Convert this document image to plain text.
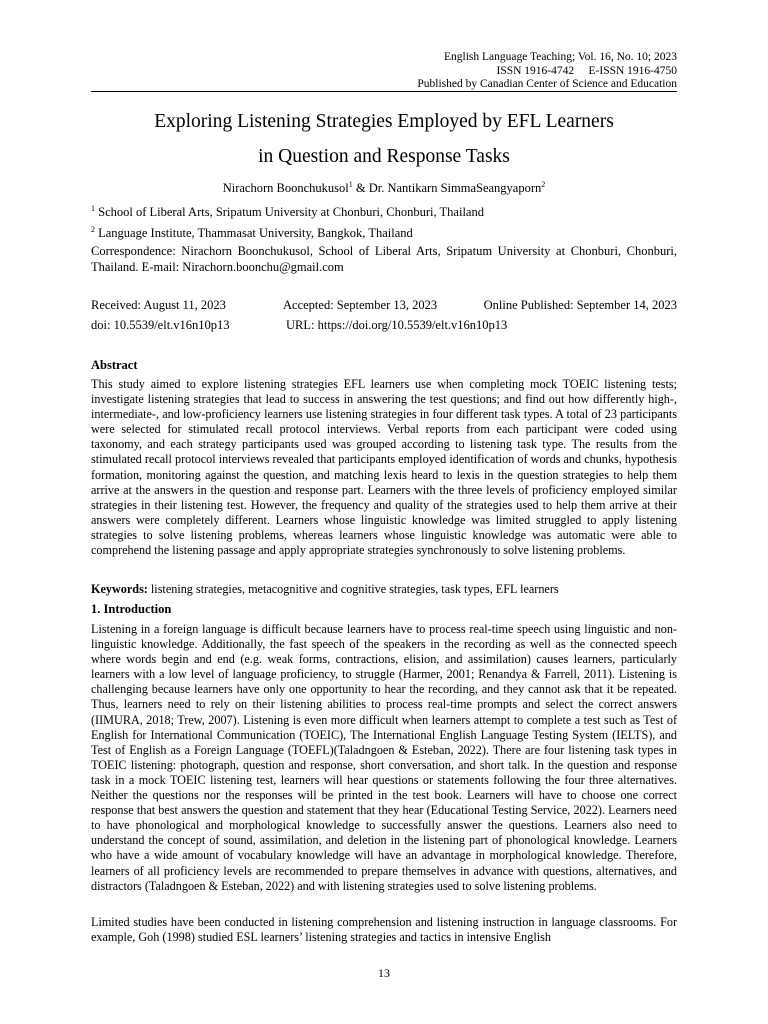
English Language Teaching; Vol. 16, No. 10; 2023
ISSN 1916-4742     E-ISSN 1916-4750
Published by Canadian Center of Science and Education
Exploring Listening Strategies Employed by EFL Learners
in Question and Response Tasks
Nirachorn Boonchukusol$^1$ & Dr. Nantikarn SimmaSeangyaporn$^2$
$^1$ School of Liberal Arts, Sripatum University at Chonburi, Chonburi, Thailand
$^2$ Language Institute, Thammasat University, Bangkok, Thailand
Correspondence: Nirachorn Boonchukusol, School of Liberal Arts, Sripatum University at Chonburi, Chonburi, Thailand. E-mail: Nirachorn.boonchu@gmail.com
Received: August 11, 2023	Accepted: September 13, 2023	Online Published: September 14, 2023
doi: 10.5539/elt.v16n10p13	URL: https://doi.org/10.5539/elt.v16n10p13
Abstract
This study aimed to explore listening strategies EFL learners use when completing mock TOEIC listening tests; investigate listening strategies that lead to success in answering the test questions; and find out how differently high-, intermediate-, and low-proficiency learners use listening strategies in four different task types. A total of 23 participants were selected for stimulated recall protocol interviews. Verbal reports from each participant were coded using taxonomy, and each strategy participants used was grouped according to listening task type. The results from the stimulated recall protocol interviews revealed that participants employed identification of words and chunks, hypothesis formation, monitoring against the question, and matching lexis heard to lexis in the question strategies to help them arrive at the answers in the question and response part. Learners with the three levels of proficiency employed similar strategies in their listening test. However, the frequency and quality of the strategies used to help them arrive at their answers were completely different. Learners whose linguistic knowledge was limited struggled to apply listening strategies to solve listening problems, whereas learners whose linguistic knowledge was automatic were able to comprehend the listening passage and apply appropriate strategies synchronously to solve listening problems.
Keywords: listening strategies, metacognitive and cognitive strategies, task types, EFL learners
1. Introduction
Listening in a foreign language is difficult because learners have to process real-time speech using linguistic and non-linguistic knowledge. Additionally, the fast speech of the speakers in the recording as well as the connected speech where words begin and end (e.g. weak forms, contractions, elision, and assimilation) causes learners, particularly learners with a low level of language proficiency, to struggle (Harmer, 2001; Renandya & Farrell, 2011). Listening is challenging because learners have only one opportunity to hear the recording, and they cannot ask that it be repeated. Thus, learners need to rely on their listening abilities to process real-time prompts and select the correct answers (IIMURA, 2018; Trew, 2007). Listening is even more difficult when learners attempt to complete a test such as Test of English for International Communication (TOEIC), The International English Language Testing System (IELTS), and Test of English as a Foreign Language (TOEFL)(Taladngoen & Esteban, 2022). There are four listening task types in TOEIC listening: photograph, question and response, short conversation, and short talk. In the question and response task in a mock TOEIC listening test, learners will hear questions or statements following the four three alternatives. Neither the questions nor the responses will be printed in the test book. Learners will have to choose one correct response that best answers the question and statement that they hear (Educational Testing Service, 2022). Learners need to have phonological and morphological knowledge to successfully answer the questions. Learners also need to understand the concept of sound, assimilation, and deletion in the listening part of phonological knowledge. Learners who have a wide amount of vocabulary knowledge will have an advantage in morphological knowledge. Therefore, learners of all proficiency levels are recommended to prepare themselves in advance with questions, alternatives, and distractors (Taladngoen & Esteban, 2022) and with listening strategies used to solve listening problems.
Limited studies have been conducted in listening comprehension and listening instruction in language classrooms. For example, Goh (1998) studied ESL learners’ listening strategies and tactics in intensive English
13
